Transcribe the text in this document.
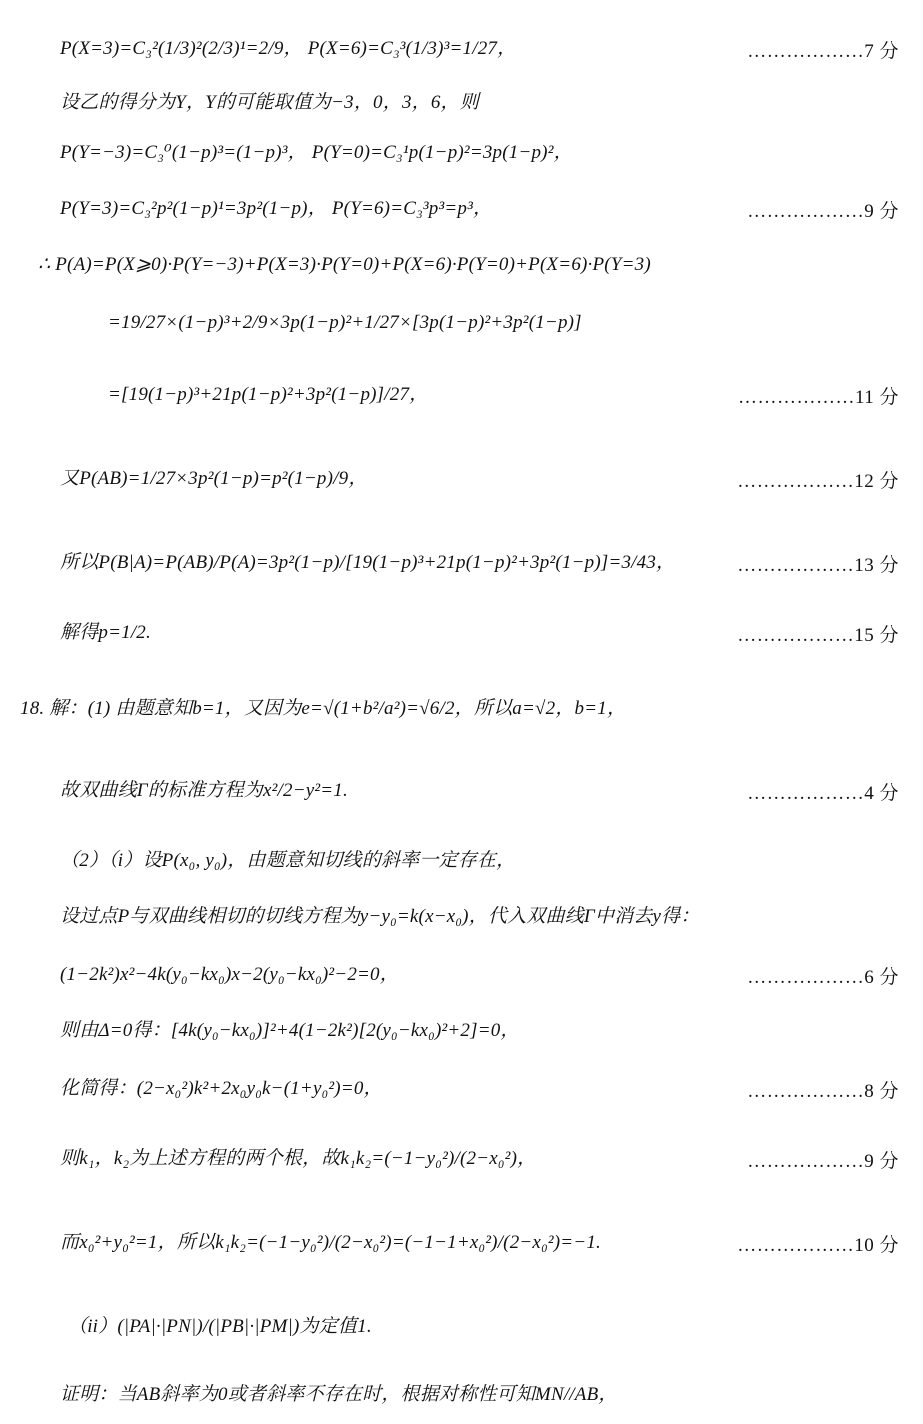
P(X=3)=C₃²(1/3)²(2/3)¹=2/9， P(X=6)=C₃³(1/3)³=1/27，	………………7 分
设乙的得分为Y，Y的可能取值为−3，0，3，6，则
P(Y=−3)=C₃⁰(1−p)³=(1−p)³， P(Y=0)=C₃¹p(1−p)²=3p(1−p)²，
P(Y=3)=C₃²p²(1−p)¹=3p²(1−p)， P(Y=6)=C₃³p³=p³，	………………9 分
∴ P(A)=P(X⩾0)·P(Y=−3)+P(X=3)·P(Y=0)+P(X=6)·P(Y=0)+P(X=6)·P(Y=3)
=19/27×(1−p)³+2/9×3p(1−p)²+1/27×[3p(1−p)²+3p²(1−p)]
=[19(1−p)³+21p(1−p)²+3p²(1−p)]/27，	………………11 分
又P(AB)=1/27×3p²(1−p)=p²(1−p)/9，	………………12 分
所以P(B|A)=P(AB)/P(A)=3p²(1−p)/[19(1−p)³+21p(1−p)²+3p²(1−p)]=3/43，	………………13 分
解得p=1/2.	………………15 分
18. 解：(1) 由题意知b=1，又因为e=√(1+b²/a²)=√6/2，所以a=√2，b=1，
故双曲线Γ的标准方程为x²/2−y²=1.	………………4 分
（2）（i）设P(x₀, y₀)，由题意知切线的斜率一定存在，
设过点P与双曲线相切的切线方程为y−y₀=k(x−x₀)，代入双曲线Γ中消去y得：
(1−2k²)x²−4k(y₀−kx₀)x−2(y₀−kx₀)²−2=0，	………………6 分
则由Δ=0得：[4k(y₀−kx₀)]²+4(1−2k²)[2(y₀−kx₀)²+2]=0，
化简得：(2−x₀²)k²+2x₀y₀k−(1+y₀²)=0，	………………8 分
则k₁，k₂为上述方程的两个根，故k₁k₂=(−1−y₀²)/(2−x₀²)，	………………9 分
而x₀²+y₀²=1，所以k₁k₂=(−1−y₀²)/(2−x₀²)=(−1−1+x₀²)/(2−x₀²)=−1.	………………10 分
（ii）(|PA|·|PN|)/(|PB|·|PM|)为定值1.
证明：当AB斜率为0或者斜率不存在时，根据对称性可知MN//AB，
